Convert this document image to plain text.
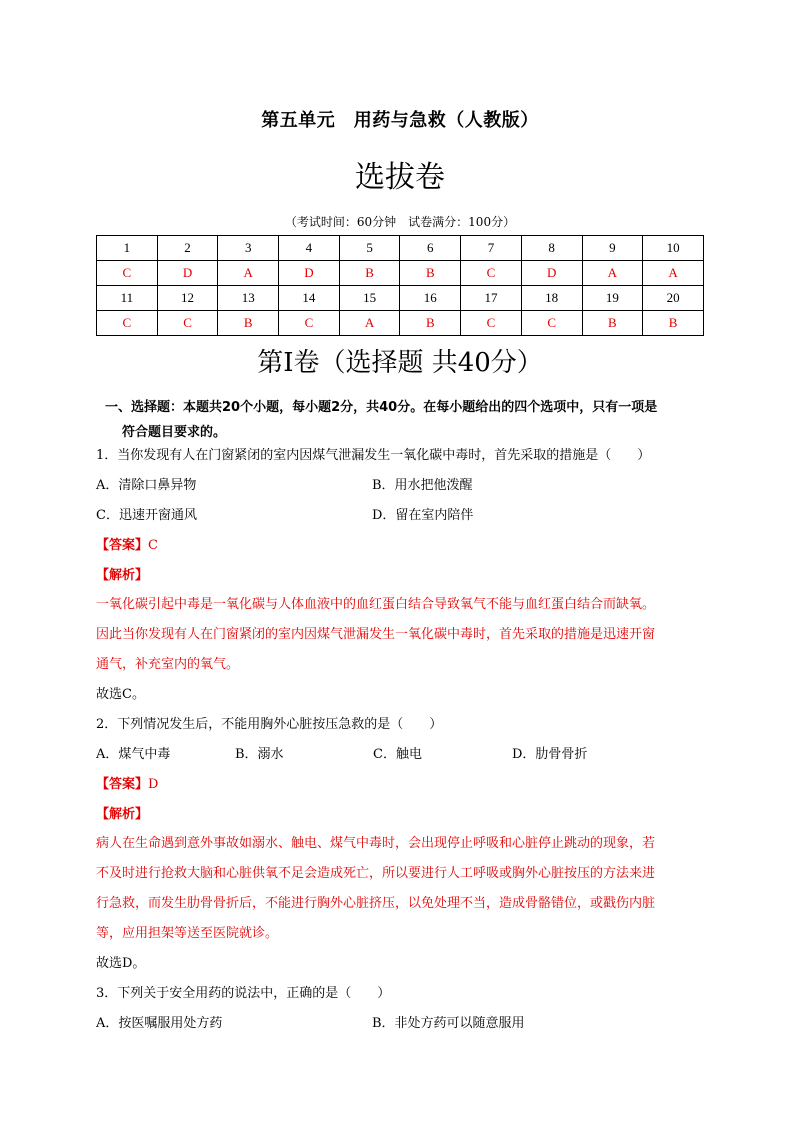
第五单元　用药与急救（人教版）
选拔卷
（考试时间：60分钟　试卷满分：100分）
1	2	3	4	5	6	7	8	9	10
C	D	A	D	B	B	C	D	A	A
11	12	13	14	15	16	17	18	19	20
C	C	B	C	A	B	C	C	B	B
第Ⅰ卷（选择题 共40分）
一、选择题：本题共20个小题，每小题2分，共40分。在每小题给出的四个选项中，只有一项是
符合题目要求的。
1．当你发现有人在门窗紧闭的室内因煤气泄漏发生一氧化碳中毒时，首先采取的措施是（　　）
A．清除口鼻异物	B．用水把他泼醒
C．迅速开窗通风	D．留在室内陪伴
【答案】C
【解析】
一氧化碳引起中毒是一氧化碳与人体血液中的血红蛋白结合导致氧气不能与血红蛋白结合而缺氧。
因此当你发现有人在门窗紧闭的室内因煤气泄漏发生一氧化碳中毒时，首先采取的措施是迅速开窗
通气，补充室内的氧气。
故选C。
2．下列情况发生后，不能用胸外心脏按压急救的是（　　）
A．煤气中毒	B．溺水	C．触电	D．肋骨骨折
【答案】D
【解析】
病人在生命遇到意外事故如溺水、触电、煤气中毒时，会出现停止呼吸和心脏停止跳动的现象，若
不及时进行抢救大脑和心脏供氧不足会造成死亡，所以要进行人工呼吸或胸外心脏按压的方法来进
行急救，而发生肋骨骨折后，不能进行胸外心脏挤压，以免处理不当，造成骨骼错位，或戳伤内脏
等，应用担架等送至医院就诊。
故选D。
3．下列关于安全用药的说法中，正确的是（　　）
A．按医嘱服用处方药	B．非处方药可以随意服用
